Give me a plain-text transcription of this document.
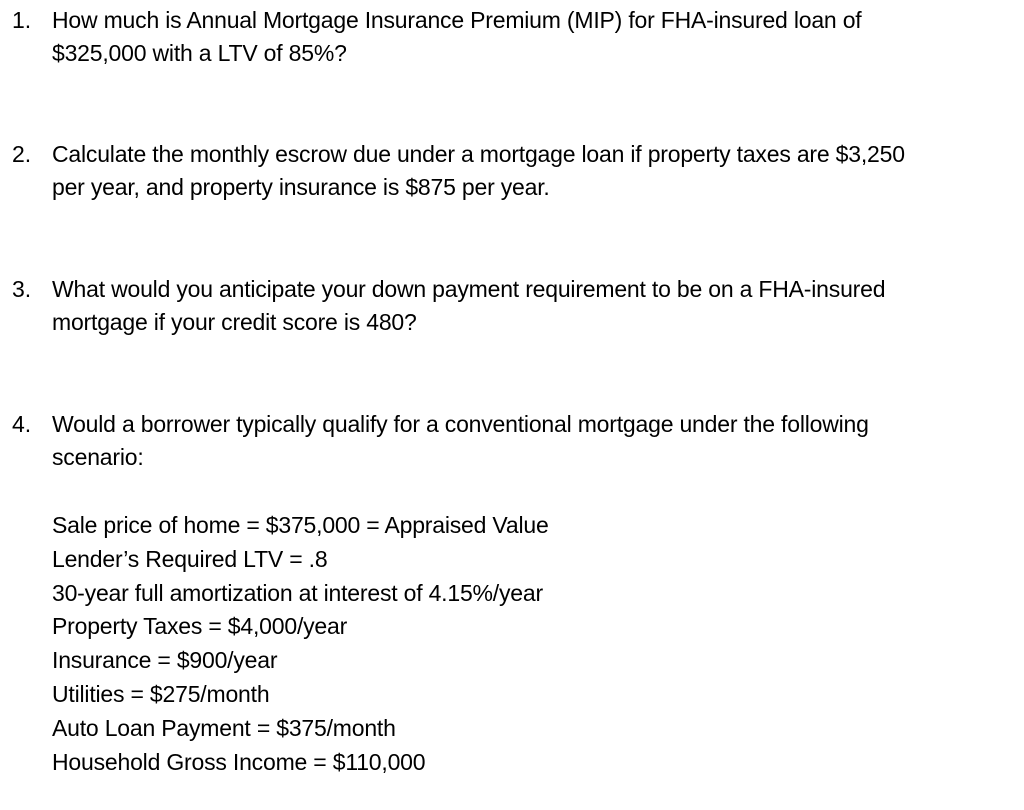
1. How much is Annual Mortgage Insurance Premium (MIP) for FHA-insured loan of
$325,000 with a LTV of 85%?
2. Calculate the monthly escrow due under a mortgage loan if property taxes are $3,250
per year, and property insurance is $875 per year.
3. What would you anticipate your down payment requirement to be on a FHA-insured
mortgage if your credit score is 480?
4. Would a borrower typically qualify for a conventional mortgage under the following
scenario:
Sale price of home = $375,000 = Appraised Value
Lender’s Required LTV = .8
30-year full amortization at interest of 4.15%/year
Property Taxes = $4,000/year
Insurance = $900/year
Utilities = $275/month
Auto Loan Payment = $375/month
Household Gross Income = $110,000
